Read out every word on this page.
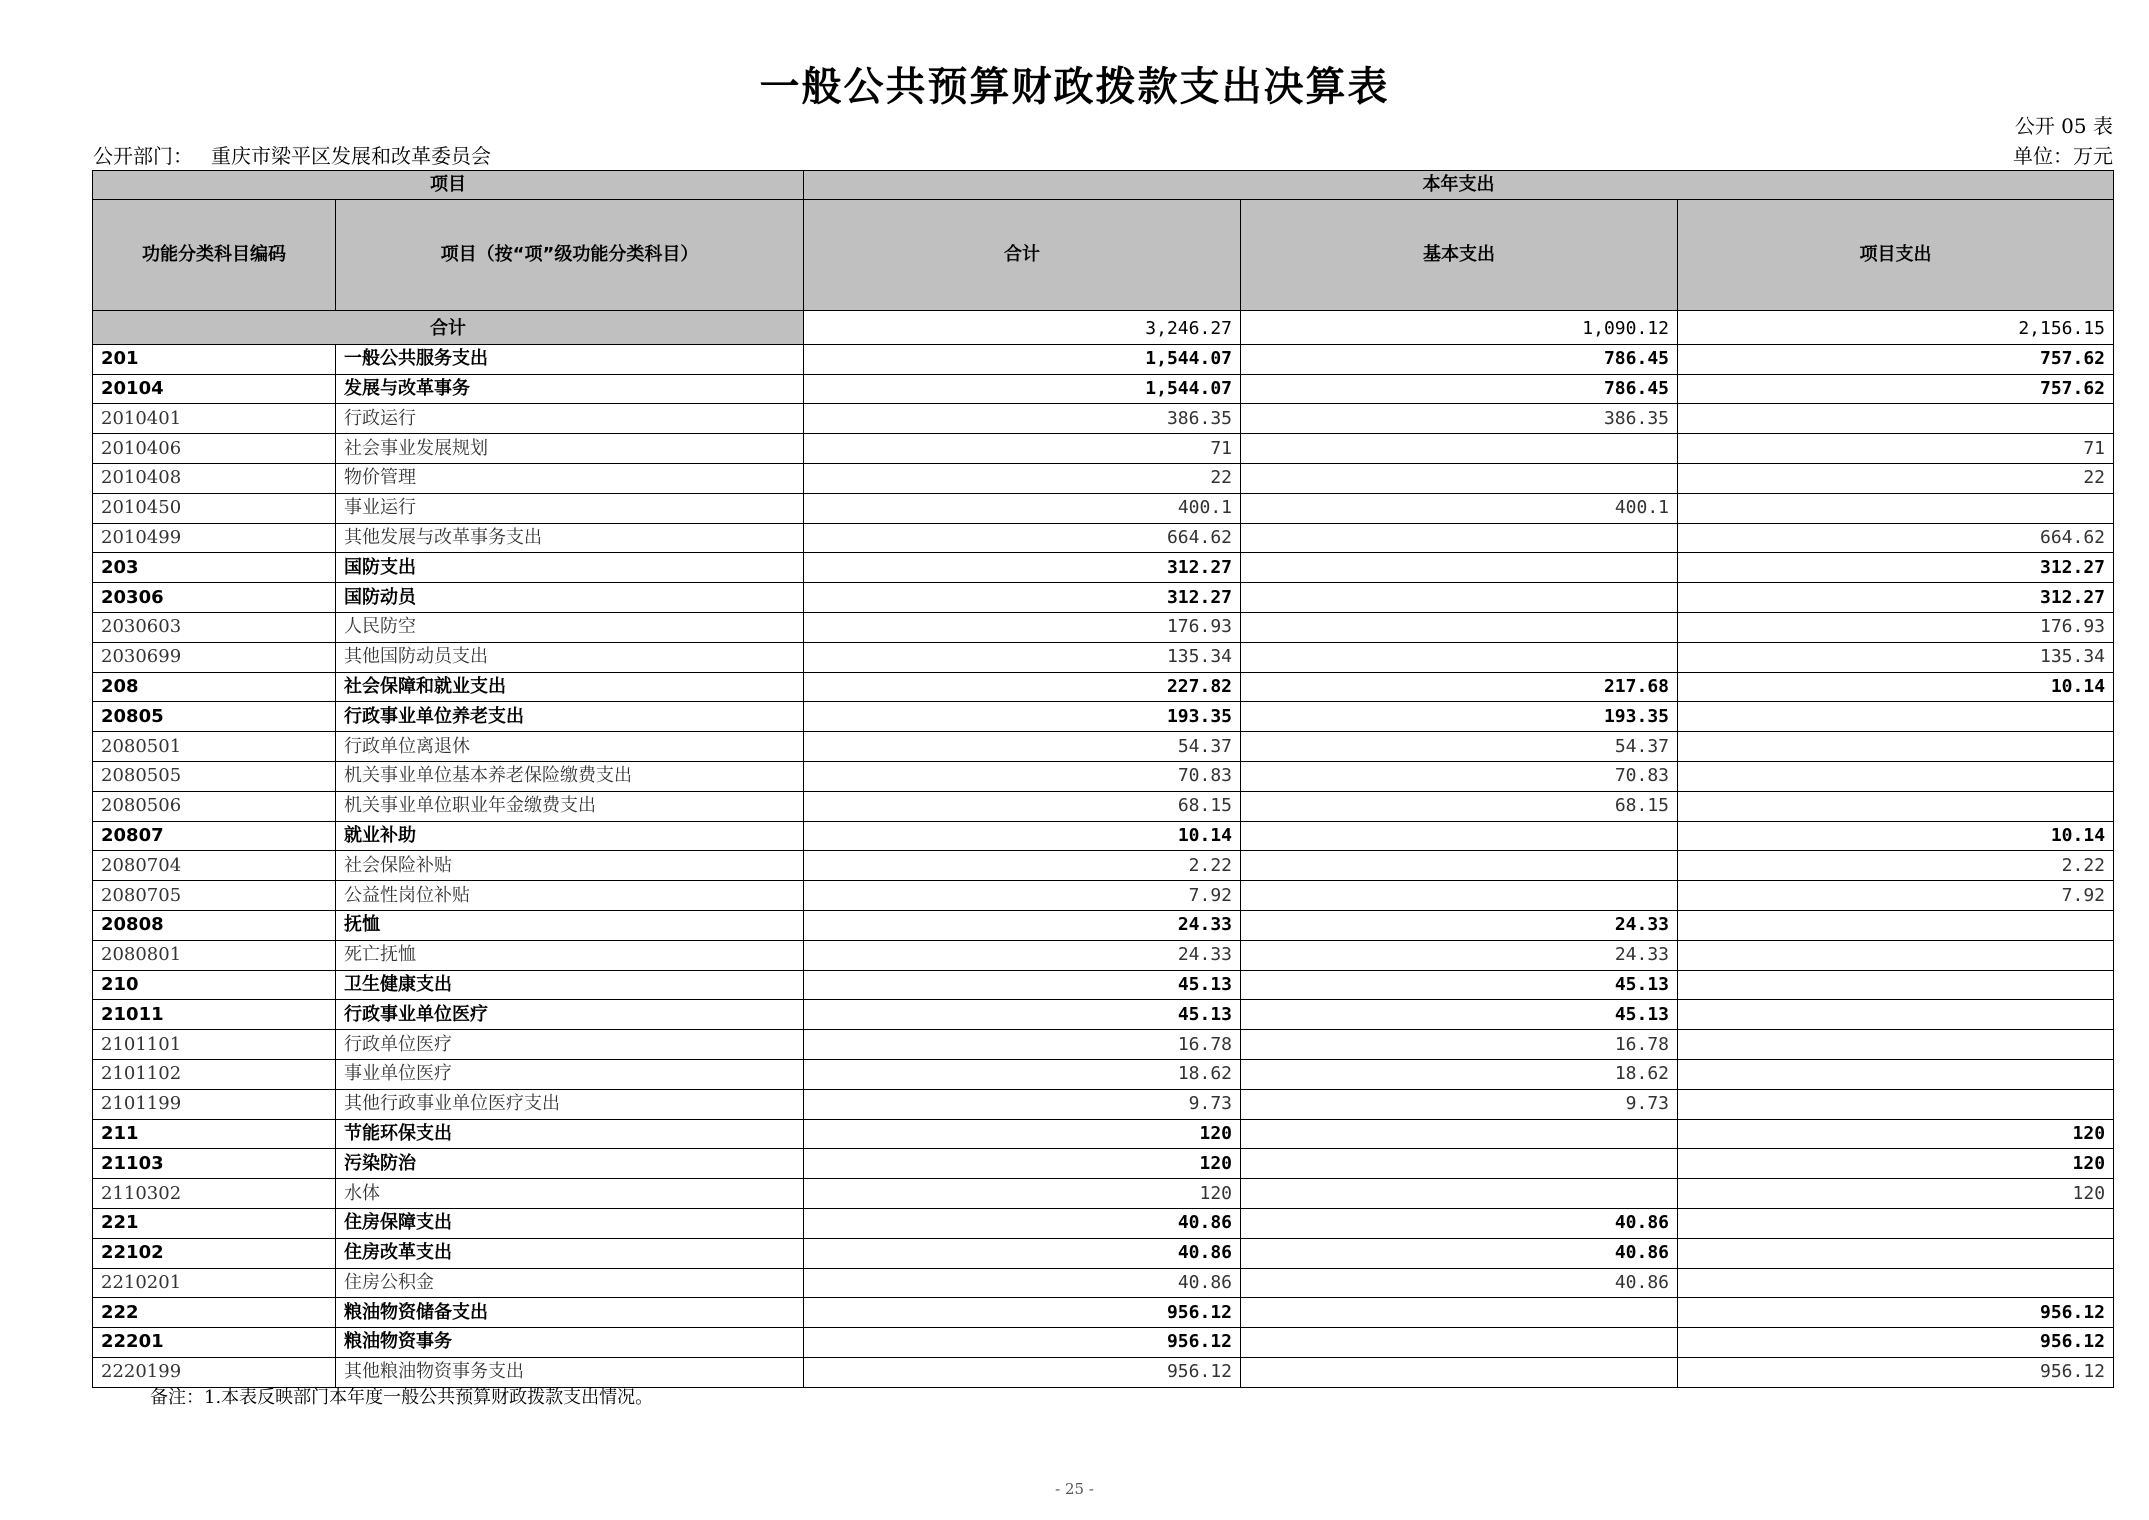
一般公共预算财政拨款支出决算表
公开 05 表
公开部门： 重庆市梁平区发展和改革委员会	单位：万元
项目		本年支出		
功能分类科目编码	项目（按“项”级功能分类科目）	合计	基本支出	项目支出
合计		3,246.27	1,090.12	2,156.15
201	一般公共服务支出	1,544.07	786.45	757.62
20104	发展与改革事务	1,544.07	786.45	757.62
2010401	行政运行	386.35	386.35	
2010406	社会事业发展规划	71		71
2010408	物价管理	22		22
2010450	事业运行	400.1	400.1	
2010499	其他发展与改革事务支出	664.62		664.62
203	国防支出	312.27		312.27
20306	国防动员	312.27		312.27
2030603	人民防空	176.93		176.93
2030699	其他国防动员支出	135.34		135.34
208	社会保障和就业支出	227.82	217.68	10.14
20805	行政事业单位养老支出	193.35	193.35	
2080501	行政单位离退休	54.37	54.37	
2080505	机关事业单位基本养老保险缴费支出	70.83	70.83	
2080506	机关事业单位职业年金缴费支出	68.15	68.15	
20807	就业补助	10.14		10.14
2080704	社会保险补贴	2.22		2.22
2080705	公益性岗位补贴	7.92		7.92
20808	抚恤	24.33	24.33	
2080801	死亡抚恤	24.33	24.33	
210	卫生健康支出	45.13	45.13	
21011	行政事业单位医疗	45.13	45.13	
2101101	行政单位医疗	16.78	16.78	
2101102	事业单位医疗	18.62	18.62	
2101199	其他行政事业单位医疗支出	9.73	9.73	
211	节能环保支出	120		120
21103	污染防治	120		120
2110302	水体	120		120
221	住房保障支出	40.86	40.86	
22102	住房改革支出	40.86	40.86	
2210201	住房公积金	40.86	40.86	
222	粮油物资储备支出	956.12		956.12
22201	粮油物资事务	956.12		956.12
2220199	其他粮油物资事务支出	956.12		956.12
备注：1.本表反映部门本年度一般公共预算财政拨款支出情况。
- 25 -
